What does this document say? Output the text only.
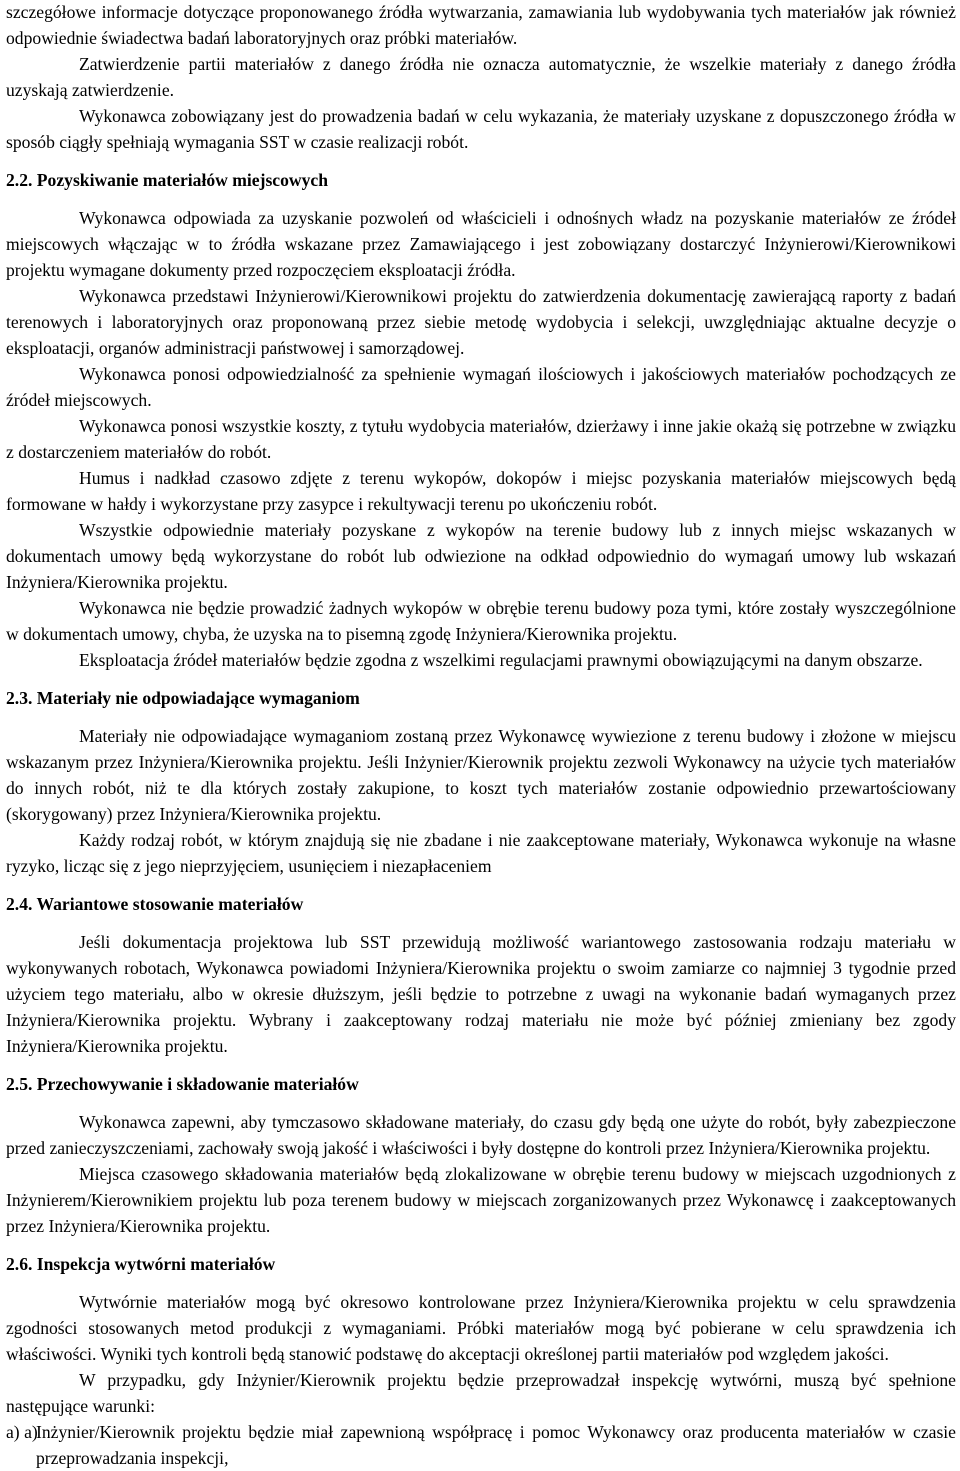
szczegółowe informacje dotyczące proponowanego źródła wytwarzania, zamawiania lub wydobywania tych materiałów jak również odpowiednie świadectwa badań laboratoryjnych oraz próbki materiałów.

Zatwierdzenie partii materiałów z danego źródła nie oznacza automatycznie, że wszelkie materiały z danego źródła uzyskają zatwierdzenie.

Wykonawca zobowiązany jest do prowadzenia badań w celu wykazania, że materiały uzyskane z dopuszczonego źródła w sposób ciągły spełniają wymagania SST w czasie realizacji robót.

2.2. Pozyskiwanie materiałów miejscowych

Wykonawca odpowiada za uzyskanie pozwoleń od właścicieli i odnośnych władz na pozyskanie materiałów ze źródeł miejscowych włączając w to źródła wskazane przez Zamawiającego i jest zobowiązany dostarczyć Inżynierowi/Kierownikowi projektu wymagane dokumenty przed rozpoczęciem eksploatacji źródła.

Wykonawca przedstawi Inżynierowi/Kierownikowi projektu do zatwierdzenia dokumentację zawierającą raporty z badań terenowych i laboratoryjnych oraz proponowaną przez siebie metodę wydobycia i selekcji, uwzględniając aktualne decyzje o eksploatacji, organów administracji państwowej i samorządowej.

Wykonawca ponosi odpowiedzialność za spełnienie wymagań ilościowych i jakościowych materiałów pochodzących ze źródeł miejscowych.

Wykonawca ponosi wszystkie koszty, z tytułu wydobycia materiałów, dzierżawy i inne jakie okażą się potrzebne w związku z dostarczeniem materiałów do robót.

Humus i nadkład czasowo zdjęte z terenu wykopów, dokopów i miejsc pozyskania materiałów miejscowych będą formowane w hałdy i wykorzystane przy zasypce i rekultywacji terenu po ukończeniu robót.

Wszystkie odpowiednie materiały pozyskane z wykopów na terenie budowy lub z innych miejsc wskazanych w dokumentach umowy będą wykorzystane do robót lub odwiezione na odkład odpowiednio do wymagań umowy lub wskazań Inżyniera/Kierownika projektu.

Wykonawca nie będzie prowadzić żadnych wykopów w obrębie terenu budowy poza tymi, które zostały wyszczególnione w dokumentach umowy, chyba, że uzyska na to pisemną zgodę Inżyniera/Kierownika projektu.

Eksploatacja źródeł materiałów będzie zgodna z wszelkimi regulacjami prawnymi obowiązującymi na danym obszarze.

2.3. Materiały nie odpowiadające wymaganiom

Materiały nie odpowiadające wymaganiom zostaną przez Wykonawcę wywiezione z terenu budowy i złożone w miejscu wskazanym przez Inżyniera/Kierownika projektu. Jeśli Inżynier/Kierownik projektu zezwoli Wykonawcy na użycie tych materiałów do innych robót, niż te dla których zostały zakupione, to koszt tych materiałów zostanie odpowiednio przewartościowany (skorygowany) przez Inżyniera/Kierownika projektu.

Każdy rodzaj robót, w którym znajdują się nie zbadane i nie zaakceptowane materiały, Wykonawca wykonuje na własne ryzyko, licząc się z jego nieprzyjęciem, usunięciem i niezapłaceniem

2.4. Wariantowe stosowanie materiałów

Jeśli dokumentacja projektowa lub SST przewidują możliwość wariantowego zastosowania rodzaju materiału w wykonywanych robotach, Wykonawca powiadomi Inżyniera/Kierownika projektu o swoim zamiarze co najmniej 3 tygodnie przed użyciem tego materiału, albo w okresie dłuższym, jeśli będzie to potrzebne z uwagi na wykonanie badań wymaganych przez Inżyniera/Kierownika projektu. Wybrany i zaakceptowany rodzaj materiału nie może być później zmieniany bez zgody Inżyniera/Kierownika projektu.

2.5. Przechowywanie i składowanie materiałów

Wykonawca zapewni, aby tymczasowo składowane materiały, do czasu gdy będą one użyte do robót, były zabezpieczone przed zanieczyszczeniami, zachowały swoją jakość i właściwości i były dostępne do kontroli przez Inżyniera/Kierownika projektu.

Miejsca czasowego składowania materiałów będą zlokalizowane w obrębie terenu budowy w miejscach uzgodnionych z Inżynierem/Kierownikiem projektu lub poza terenem budowy w miejscach zorganizowanych przez Wykonawcę i zaakceptowanych przez Inżyniera/Kierownika projektu.

2.6. Inspekcja wytwórni materiałów

Wytwórnie materiałów mogą być okresowo kontrolowane przez Inżyniera/Kierownika projektu w celu sprawdzenia zgodności stosowanych metod produkcji z wymaganiami. Próbki materiałów mogą być pobierane w celu sprawdzenia ich właściwości. Wyniki tych kontroli będą stanowić podstawę do akceptacji określonej partii materiałów pod względem jakości.

W przypadku, gdy Inżynier/Kierownik projektu będzie przeprowadzał inspekcję wytwórni, muszą być spełnione następujące warunki:

a) a)
Inżynier/Kierownik projektu będzie miał zapewnioną współpracę i pomoc Wykonawcy oraz producenta materiałów w czasie przeprowadzania inspekcji,
